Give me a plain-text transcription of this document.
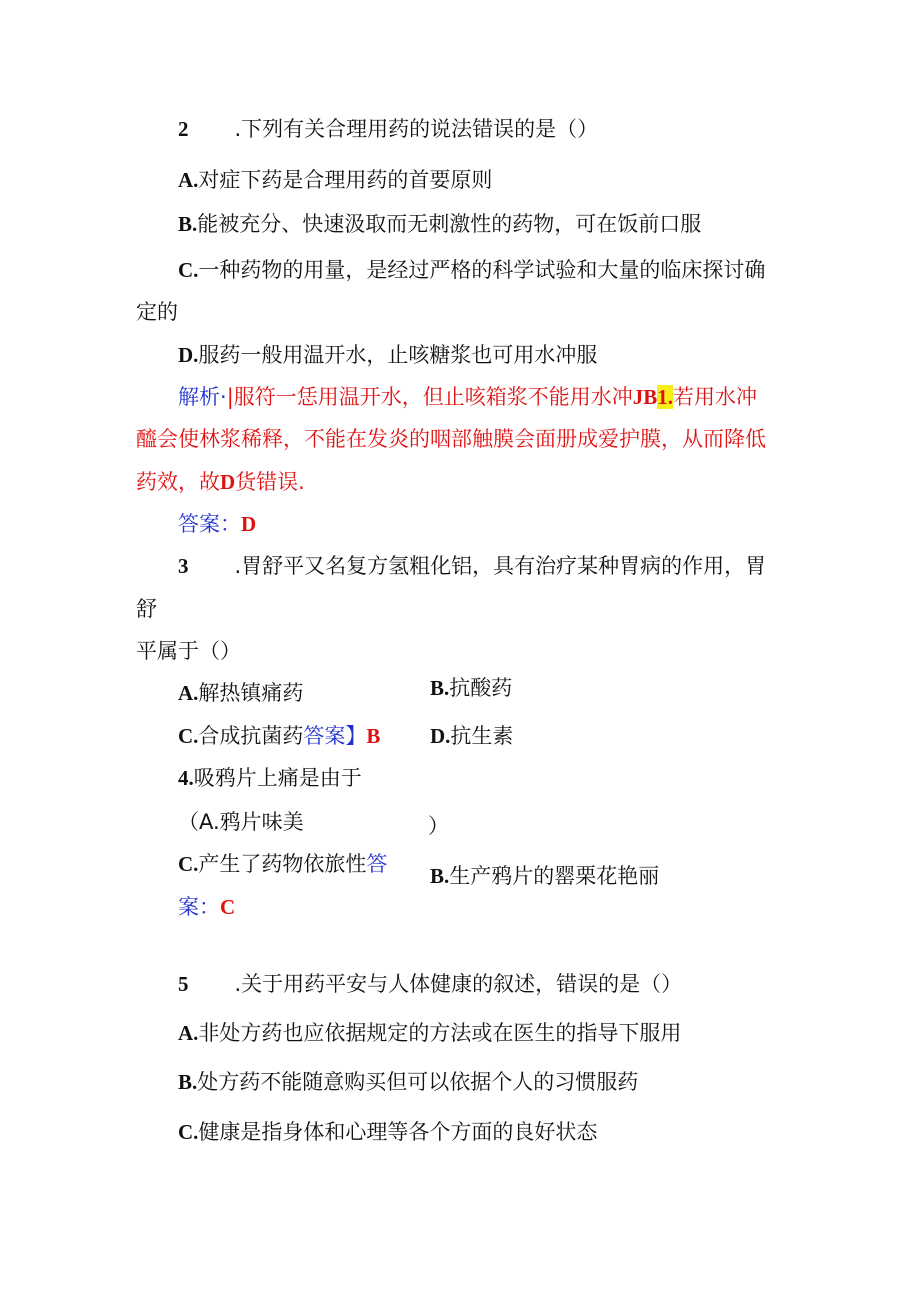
2 .下列有关合理用药的说法错误的是（）
A.对症下药是合理用药的首要原则
B.能被充分、快速汲取而无刺激性的药物，可在饭前口服
C.一种药物的用量，是经过严格的科学试验和大量的临床探讨确
定的
D.服药一般用温开水，止咳糖浆也可用水冲服
解析·|服符一恁用温开水，但止咳箱浆不能用水冲JB1.若用水冲
醯会使林浆稀释，不能在发炎的咽部触膜会面册成爱护膜，从而降低
药效，故D货错误.
答案：D
3 .胃舒平又名复方氢粗化铝，具有治疗某种胃病的作用，胃
舒
平属于（）
A.解热镇痛药	B.抗酸药
C.合成抗菌药答案】B D.抗生素
4.吸鸦片上痛是由于
（A.鸦片味美	）
C.产生了药物依旅性答
案：C
B.生产鸦片的罂栗花艳丽
5 .关于用药平安与人体健康的叙述，错误的是（）
A.非处方药也应依据规定的方法或在医生的指导下服用
B.处方药不能随意购买但可以依据个人的习惯服药
C.健康是指身体和心理等各个方面的良好状态
